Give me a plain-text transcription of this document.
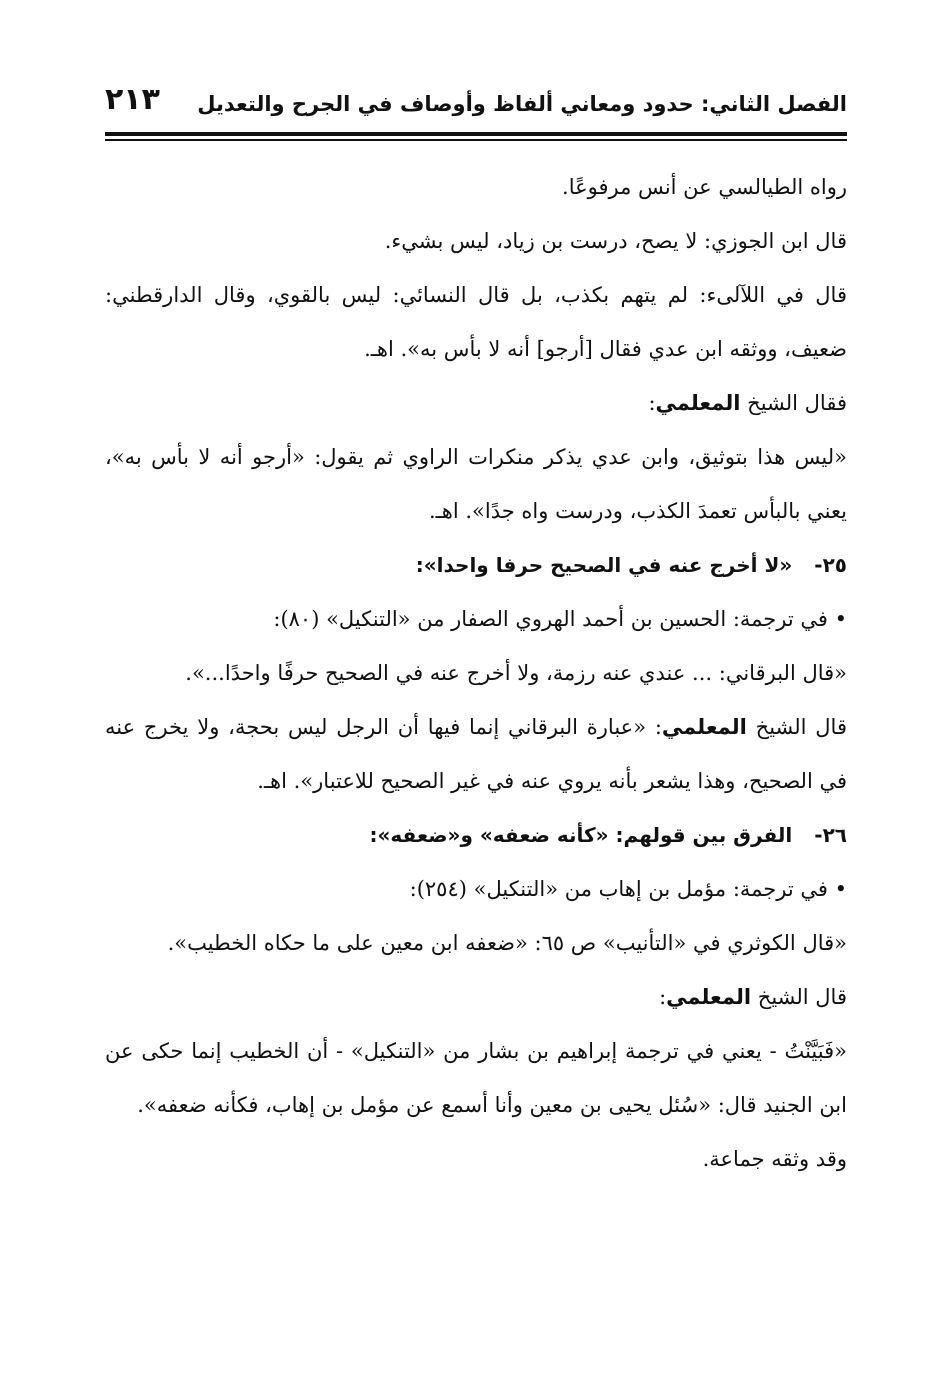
الفصل الثاني: حدود ومعاني ألفاظ وأوصاف في الجرح والتعديل
٢١٣

رواه الطيالسي عن أنس مرفوعًا.

قال ابن الجوزي: لا يصح، درست بن زياد، ليس بشيء.

قال في اللآلىء: لم يتهم بكذب، بل قال النسائي: ليس بالقوي، وقال الدارقطني: ضعيف، ووثقه ابن عدي فقال [أرجو] أنه لا بأس به». اهـ.

فقال الشيخ المعلمي:

«ليس هذا بتوثيق، وابن عدي يذكر منكرات الراوي ثم يقول: «أرجو أنه لا بأس به»، يعني بالبأس تعمدَ الكذب، ودرست واه جدًا». اهـ.

٢٥-«لا أخرج عنه في الصحيح حرفا واحدا»:

• في ترجمة: الحسين بن أحمد الهروي الصفار من «التنكيل» (٨٠):

«قال البرقاني: ... عندي عنه رزمة، ولا أخرج عنه في الصحيح حرفًا واحدًا...».

قال الشيخ المعلمي: «عبارة البرقاني إنما فيها أن الرجل ليس بحجة، ولا يخرج عنه في الصحيح، وهذا يشعر بأنه يروي عنه في غير الصحيح للاعتبار». اهـ.

٢٦-الفرق بين قولهم: «كأنه ضعفه» و«ضعفه»:

• في ترجمة: مؤمل بن إهاب من «التنكيل» (٢٥٤):

«قال الكوثري في «التأنيب» ص ٦٥: «ضعفه ابن معين على ما حكاه الخطيب».

قال الشيخ المعلمي:

«فَبَيَّنْتُ - يعني في ترجمة إبراهيم بن بشار من «التنكيل» - أن الخطيب إنما حكى عن ابن الجنيد قال: «سُئل يحيى بن معين وأنا أسمع عن مؤمل بن إهاب، فكأنه ضعفه».

وقد وثقه جماعة.
